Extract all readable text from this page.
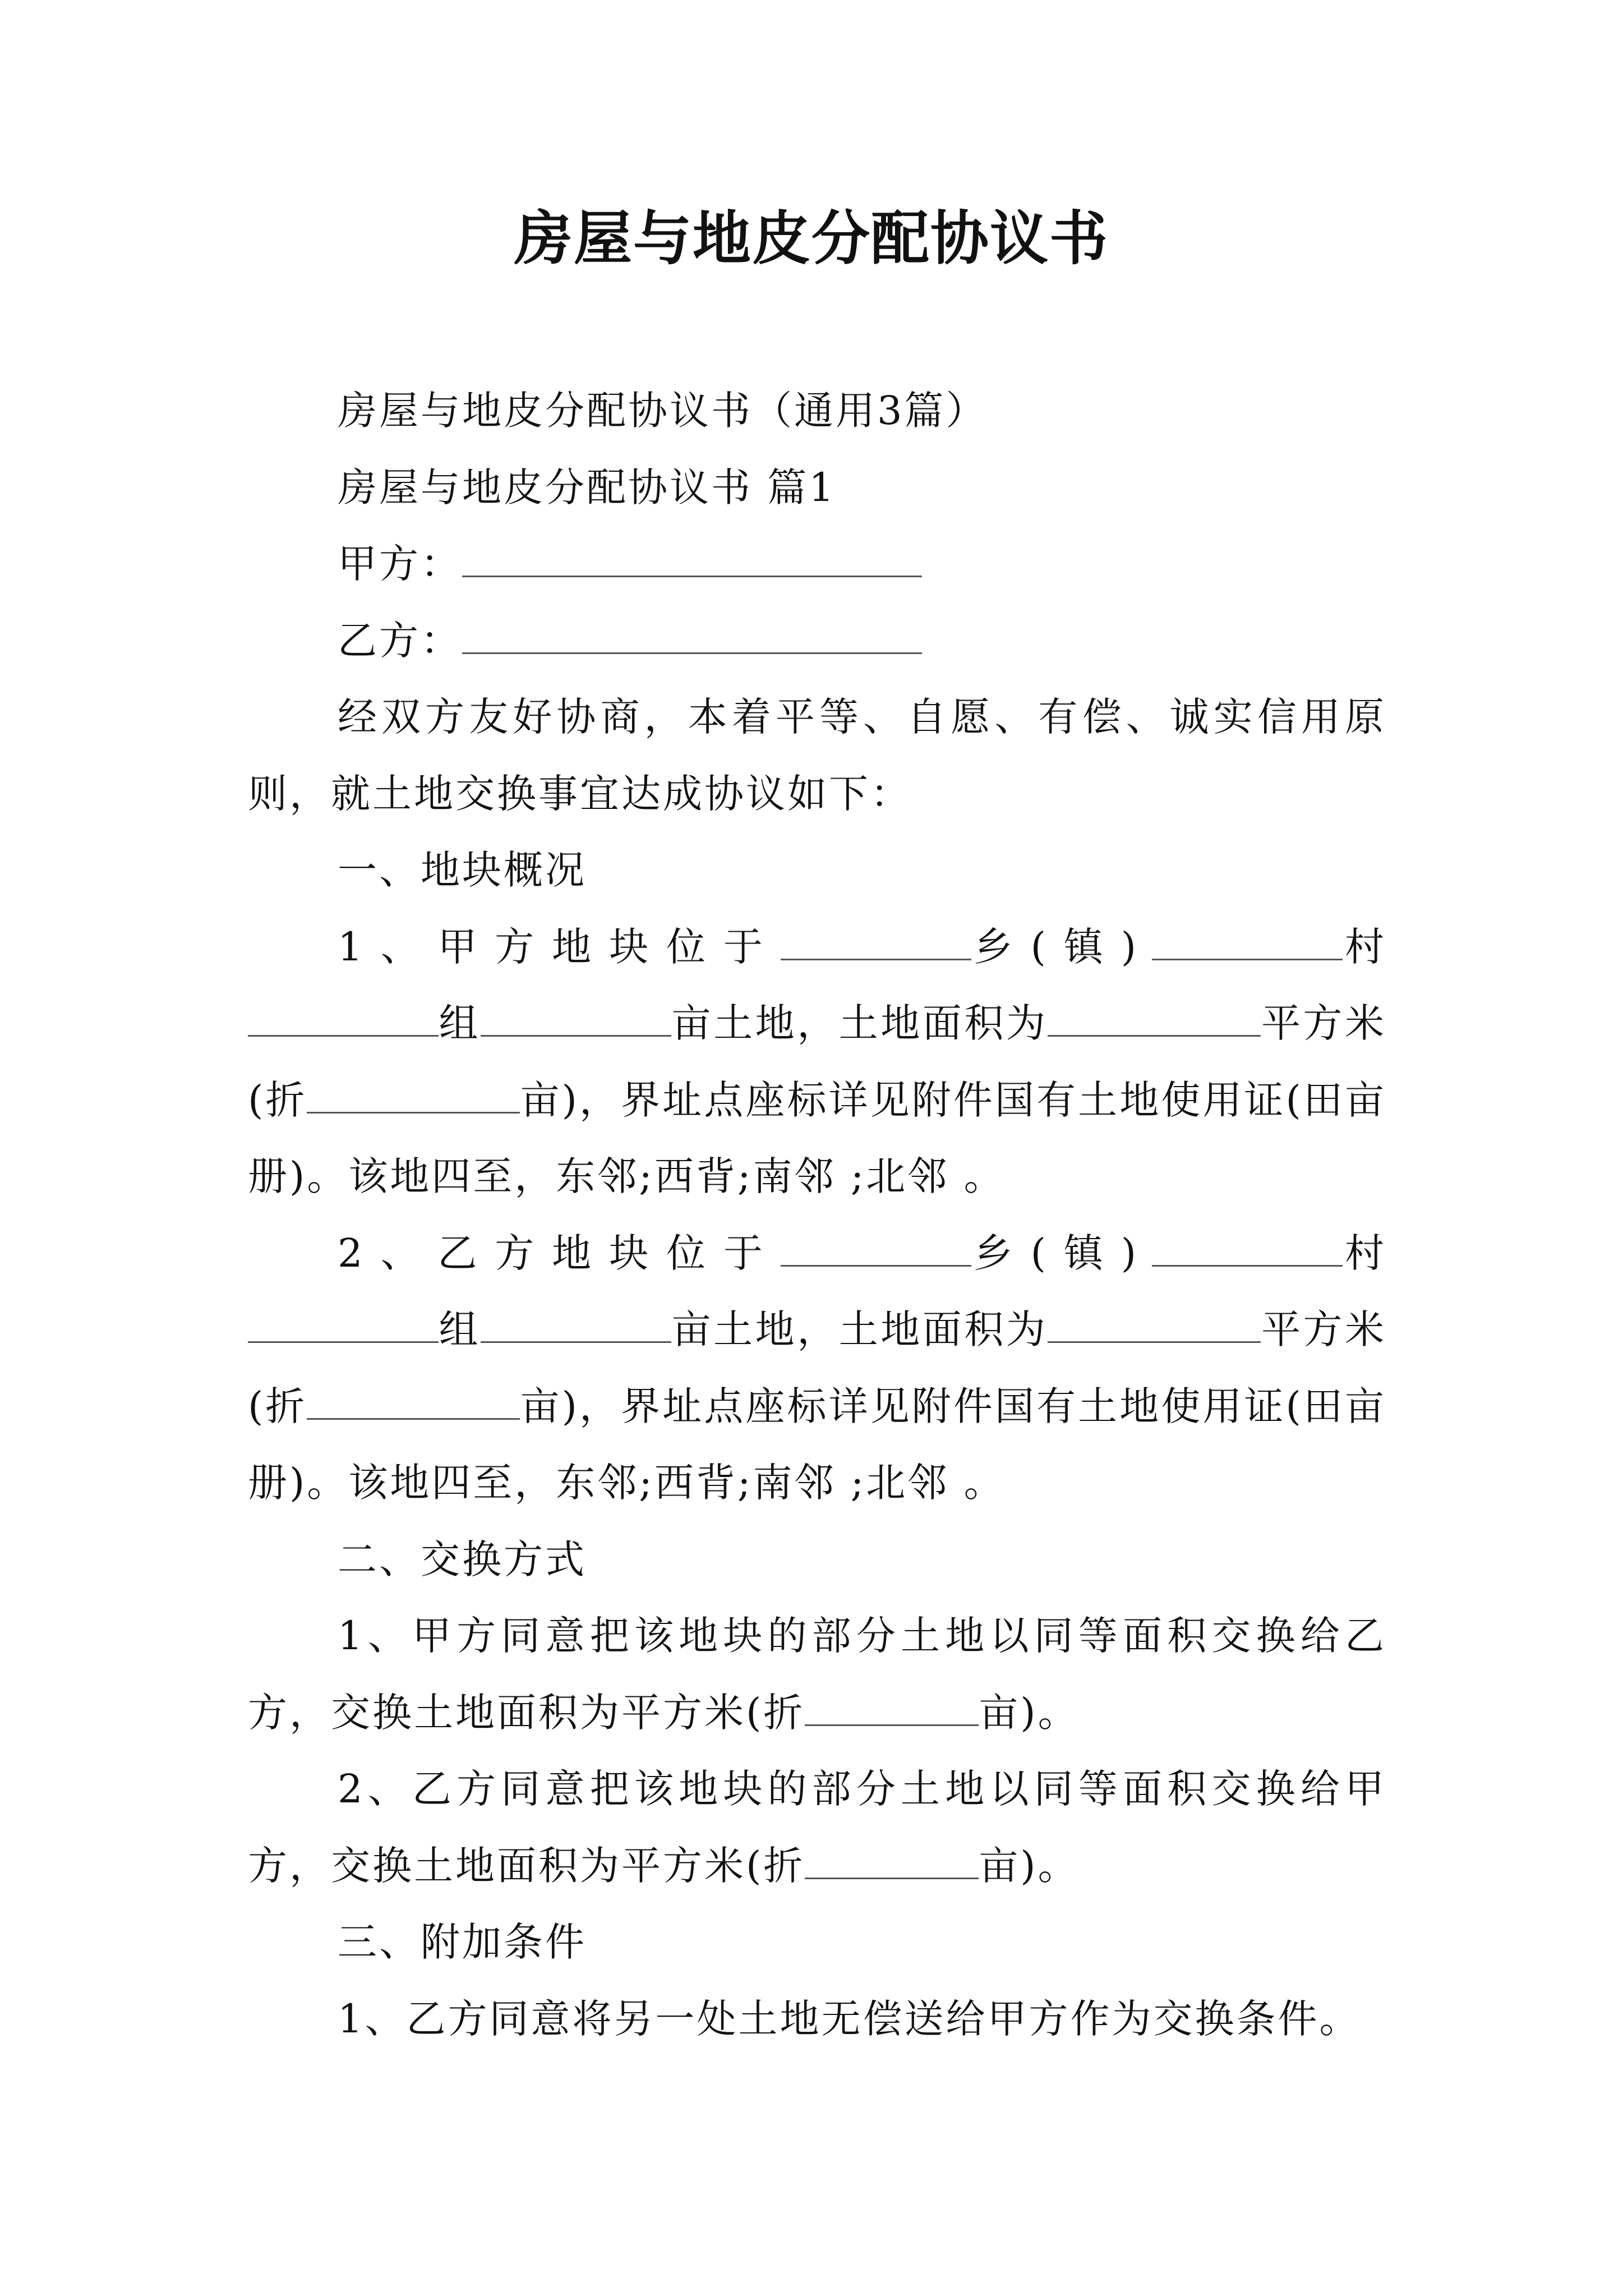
房屋与地皮分配协议书

房屋与地皮分配协议书（通用3篇）

房屋与地皮分配协议书 篇1

甲方：

乙方：

经双方友好协商，本着平等、自愿、有偿、诚实信用原则，就土地交换事宜达成协议如下：

一、地块概况

1、甲方地块位于	乡(镇)	村组	亩土地，土地面积为	平方米(折	亩)，界址点座标详见附件国有土地使用证(田亩册)。该地四至，东邻;西背;南邻 ;北邻 。

2、乙方地块位于	乡(镇)	村组	亩土地，土地面积为	平方米(折	亩)，界址点座标详见附件国有土地使用证(田亩册)。该地四至，东邻;西背;南邻 ;北邻 。

二、交换方式

1、甲方同意把该地块的部分土地以同等面积交换给乙方，交换土地面积为平方米(折	亩)。

2、乙方同意把该地块的部分土地以同等面积交换给甲方，交换土地面积为平方米(折	亩)。

三、附加条件

1、乙方同意将另一处土地无偿送给甲方作为交换条件。
